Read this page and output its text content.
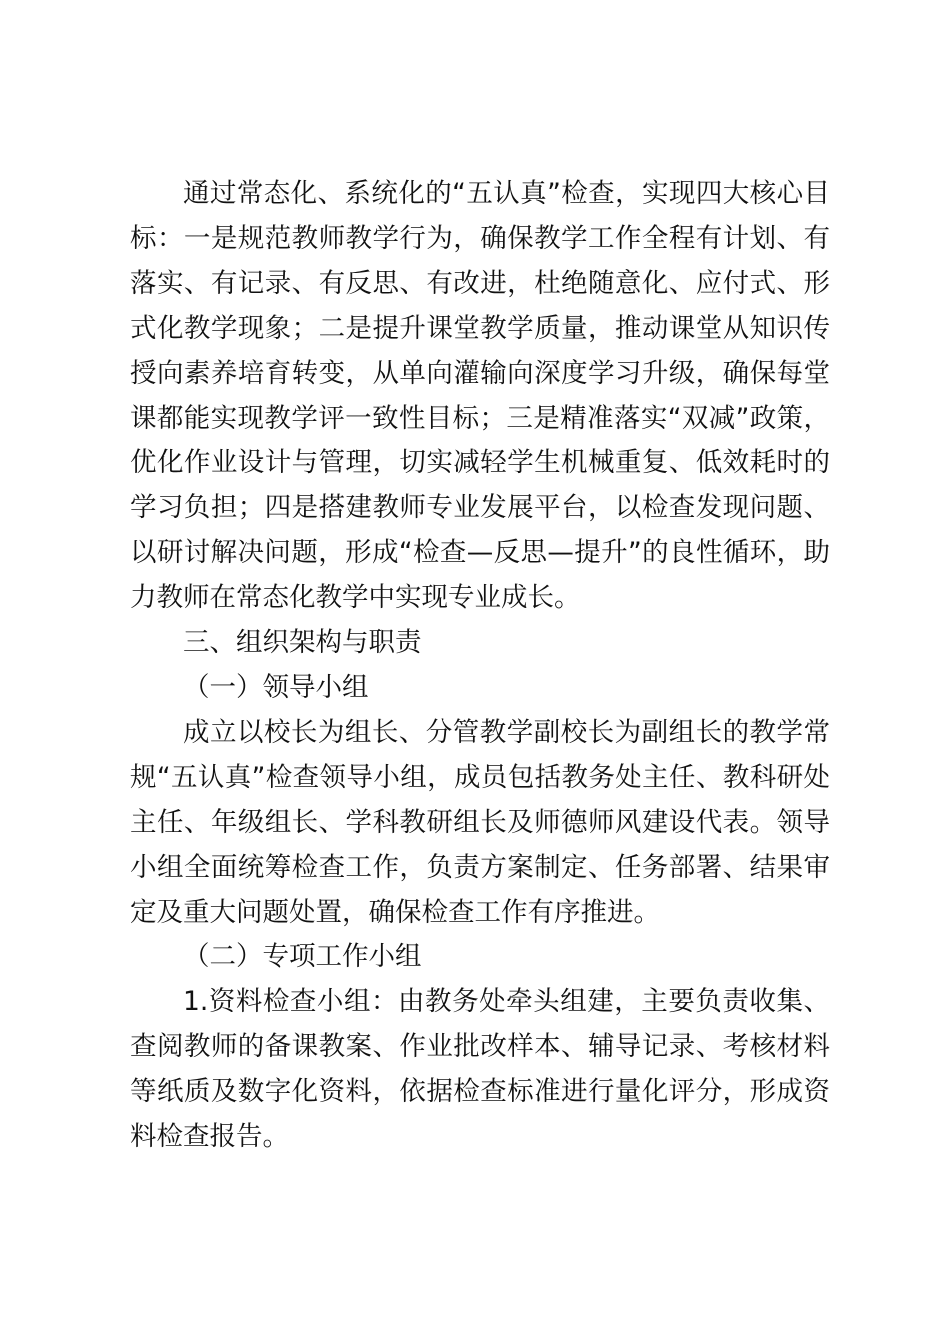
通过常态化、系统化的“五认真”检查，实现四大核心目标：一是规范教师教学行为，确保教学工作全程有计划、有落实、有记录、有反思、有改进，杜绝随意化、应付式、形式化教学现象；二是提升课堂教学质量，推动课堂从知识传授向素养培育转变，从单向灌输向深度学习升级，确保每堂课都能实现教学评一致性目标；三是精准落实“双减”政策，优化作业设计与管理，切实减轻学生机械重复、低效耗时的学习负担；四是搭建教师专业发展平台，以检查发现问题、以研讨解决问题，形成“检查—反思—提升”的良性循环，助力教师在常态化教学中实现专业成长。

三、组织架构与职责

（一）领导小组

成立以校长为组长、分管教学副校长为副组长的教学常规“五认真”检查领导小组，成员包括教务处主任、教科研处主任、年级组长、学科教研组长及师德师风建设代表。领导小组全面统筹检查工作，负责方案制定、任务部署、结果审定及重大问题处置，确保检查工作有序推进。

（二）专项工作小组

1.资料检查小组：由教务处牵头组建，主要负责收集、查阅教师的备课教案、作业批改样本、辅导记录、考核材料等纸质及数字化资料，依据检查标准进行量化评分，形成资料检查报告。
